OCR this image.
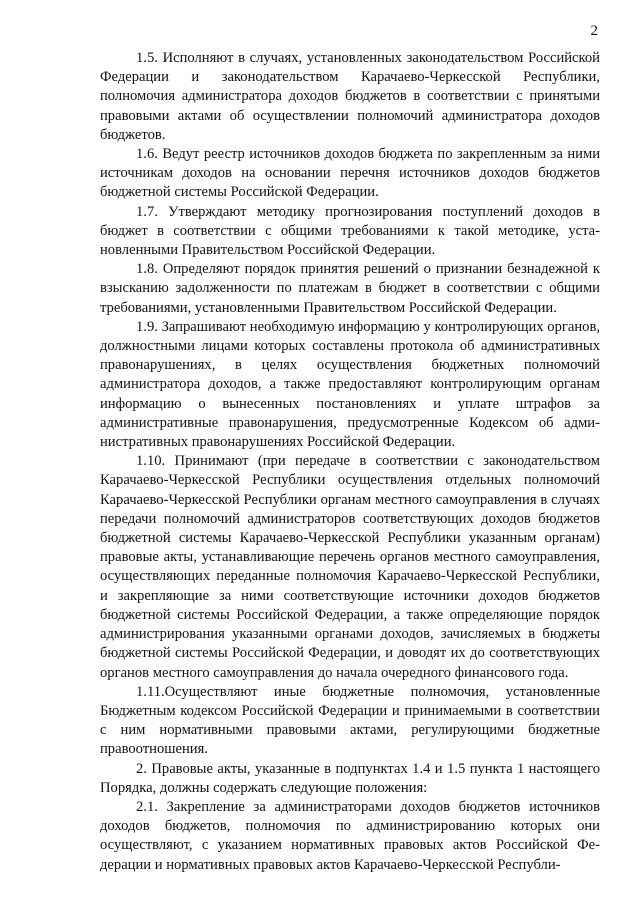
2

1.5. Исполняют в случаях, установленных законодательством Российской Федерации и законодательством Карачаево-Черкесской Республики, полномочия администратора доходов бюджетов в соответствии с принятыми правовыми актами об осуществлении полномочий администратора доходов бюджетов.

1.6. Ведут реестр источников доходов бюджета по закрепленным за ними источникам доходов на основании перечня источников доходов бюджетов бюджетной системы Российской Федерации.

1.7. Утверждают методику прогнозирования поступлений доходов в бюджет в соответствии с общими требованиями к такой методике, установленными Правительством Российской Федерации.

1.8. Определяют порядок принятия решений о признании безнадежной к взысканию задолженности по платежам в бюджет в соответствии с общими требованиями, установленными Правительством Российской Федерации.

1.9. Запрашивают необходимую информацию у контролирующих органов, должностными лицами которых составлены протокола об административных правонарушениях, в целях осуществления бюджетных полномочий администратора доходов, а также предоставляют контролирующим органам информацию о вынесенных постановлениях и уплате штрафов за административные правонарушения, предусмотренные Кодексом об административных правонарушениях Российской Федерации.

1.10. Принимают (при передаче в соответствии с законодательством Карачаево-Черкесской Республики осуществления отдельных полномочий Карачаево-Черкесской Республики органам местного самоуправления в случаях передачи полномочий администраторов соответствующих доходов бюджетов бюджетной системы Карачаево-Черкесской Республики указанным органам) правовые акты, устанавливающие перечень органов местного самоуправления, осуществляющих переданные полномочия Карачаево-Черкесской Республики, и закрепляющие за ними соответствующие источники доходов бюджетов бюджетной системы Российской Федерации, а также определяющие порядок администрирования указанными органами доходов, зачисляемых в бюджеты бюджетной системы Российской Федерации, и доводят их до соответствующих органов местного самоуправления до начала очередного финансового года.

1.11.Осуществляют иные бюджетные полномочия, установленные Бюджетным кодексом Российской Федерации и принимаемыми в соответствии с ним нормативными правовыми актами, регулирующими бюджетные правоотношения.

2. Правовые акты, указанные в подпунктах 1.4 и 1.5 пункта 1 настоящего Порядка, должны содержать следующие положения:

2.1. Закрепление за администраторами доходов бюджетов источников доходов бюджетов, полномочия по администрированию которых они осуществляют, с указанием нормативных правовых актов Российской Федерации и нормативных правовых актов Карачаево-Черкесской Республи-
